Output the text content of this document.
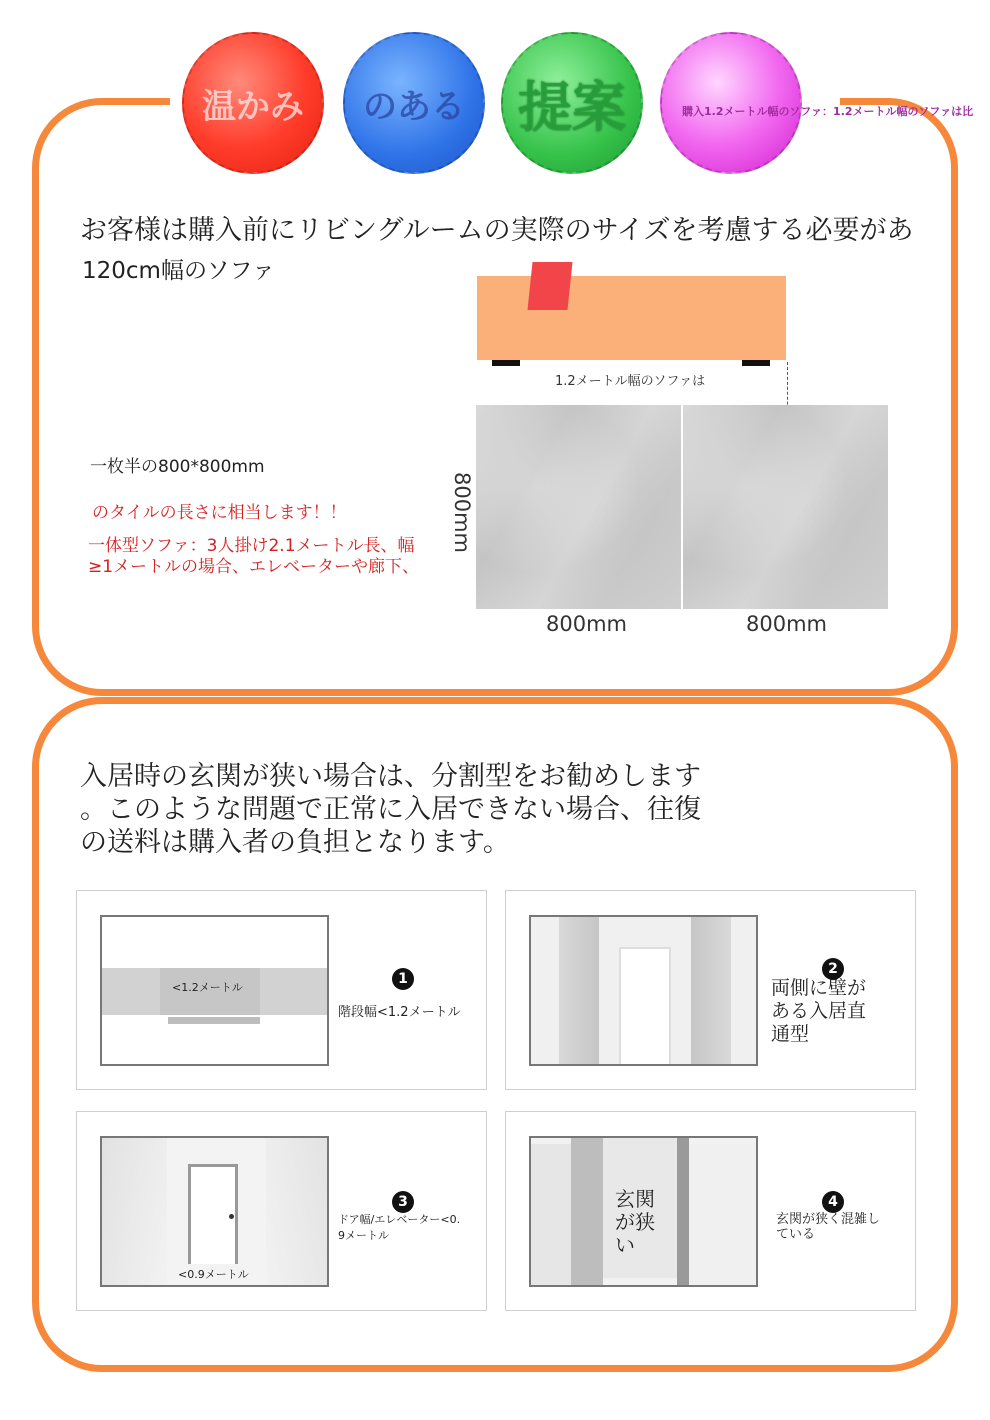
温かみ	のある 提案	購入1.2メートル幅のソファ：1.2メートル幅のソファは比
お客様は購入前にリビングルームの実際のサイズを考慮する必要があ
120cm幅のソファ
1.2メートル幅のソファは
800mm	800mm
800mm
一枚半の800*800mm
のタイルの長さに相当します！！
一体型ソファ：3人掛け2.1メートル長、幅
≥1メートルの場合、エレベーターや廊下、
入居時の玄関が狭い場合は、分割型をお勧めします
。このような問題で正常に入居できない場合、往復
の送料は購入者の負担となります。
<1.2メートル
1
階段幅<1.2メートル
2
両側に壁が
ある入居直
通型
<0.9メートル
3
ドア幅/エレベーター<0.
9メートル
玄関
が狭
い
4
玄関が狭く混雑し
ている
